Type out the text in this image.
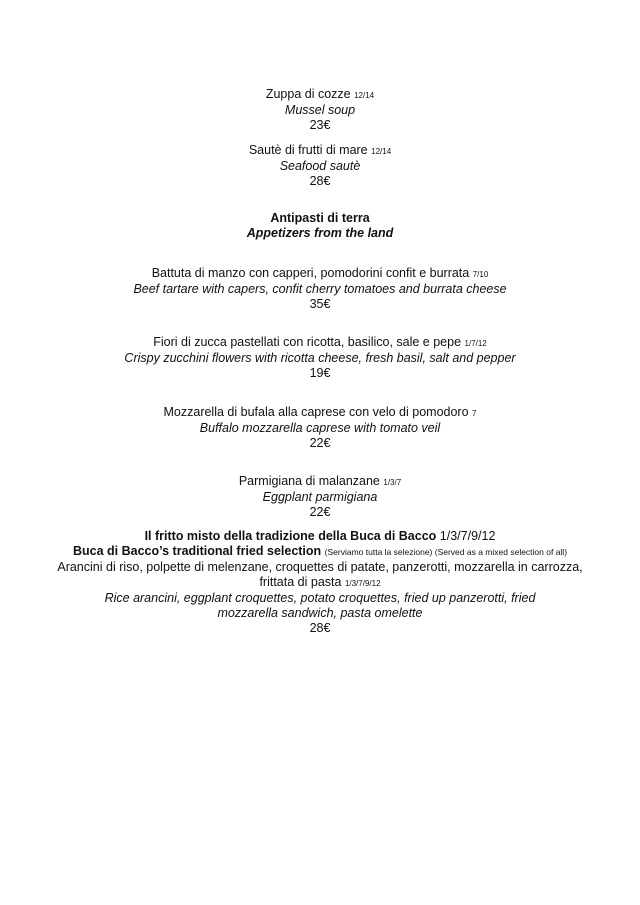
Zuppa di cozze 12/14
Mussel soup
23€
Sautè di frutti di mare 12/14
Seafood sautè
28€
Antipasti di terra
Appetizers from the land
Battuta di manzo con capperi, pomodorini confit e burrata 7/10
Beef tartare with capers, confit cherry tomatoes and burrata cheese
35€
Fiori di zucca pastellati con ricotta, basilico, sale e pepe 1/7/12
Crispy zucchini flowers with ricotta cheese, fresh basil, salt and pepper
19€
Mozzarella di bufala alla caprese con velo di pomodoro 7
Buffalo mozzarella caprese with tomato veil
22€
Parmigiana di malanzane 1/3/7
Eggplant parmigiana
22€
Il fritto misto della tradizione della Buca di Bacco 1/3/7/9/12
Buca di Bacco’s traditional fried selection (Serviamo tutta la selezione) (Served as a mixed selection of all)
Arancini di riso, polpette di melenzane, croquettes di patate, panzerotti, mozzarella in carrozza, frittata di pasta 1/3/7/9/12
Rice arancini, eggplant croquettes, potato croquettes, fried up panzerotti, fried mozzarella sandwich, pasta omelette
28€
